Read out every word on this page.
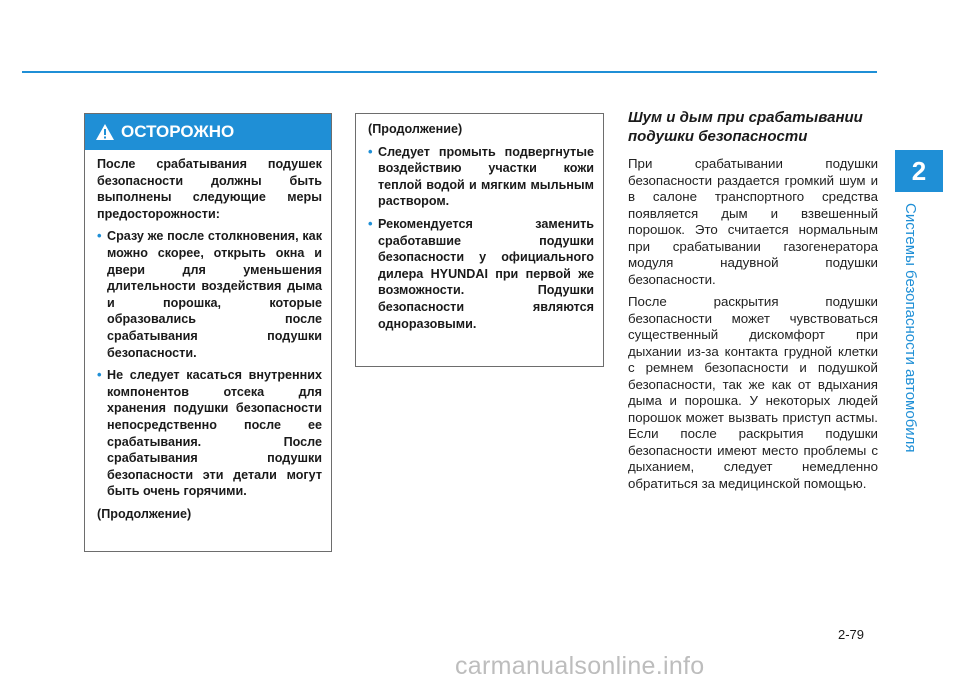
2
Системы безопасности автомобиля
ОСТОРОЖНО

После срабатывания подушек безопасности должны быть выполнены следующие меры предосторожности:

• Сразу же после столкновения, как можно скорее, открыть окна и двери для уменьшения длительности воздействия дыма и порошка, которые образовались после срабатывания подушки безопасности.
• Не следует касаться внутренних компонентов отсека для хранения подушки безопасности непосредственно после ее срабатывания. После срабатывания подушки безопасности эти детали могут быть очень горячими.

(Продолжение)

(Продолжение)

• Следует промыть подвергнутые воздействию участки кожи теплой водой и мягким мыльным раствором.
• Рекомендуется заменить сработавшие подушки безопасности у официального дилера HYUNDAI при первой же возможности. Подушки безопасности являются одноразовыми.
Шум и дым при срабатывании подушки безопасности

При срабатывании подушки безопасности раздается громкий шум и в салоне транспортного средства появляется дым и взвешенный порошок. Это считается нормальным при срабатывании газогенератора модуля надувной подушки безопасности.

После раскрытия подушки безопасности может чувствоваться существенный дискомфорт при дыхании из-за контакта грудной клетки с ремнем безопасности и подушкой безопасности, так же как от вдыхания дыма и порошка. У некоторых людей порошок может вызвать приступ астмы. Если после раскрытия подушки безопасности имеют место проблемы с дыханием, следует немедленно обратиться за медицинской помощью.

2-79
carmanualsonline.info
